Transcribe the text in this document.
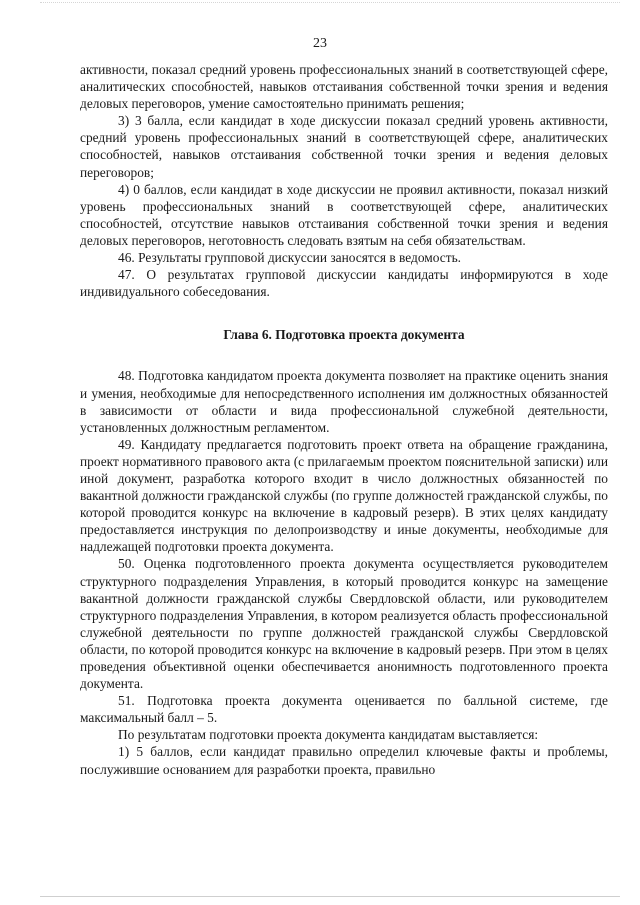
23

активности, показал средний уровень профессиональных знаний в соответствующей сфере, аналитических способностей, навыков отстаивания собственной точки зрения и ведения деловых переговоров, умение самостоятельно принимать решения;

3) 3 балла, если кандидат в ходе дискуссии показал средний уровень активности, средний уровень профессиональных знаний в соответствующей сфере, аналитических способностей, навыков отстаивания собственной точки зрения и ведения деловых переговоров;

4) 0 баллов, если кандидат в ходе дискуссии не проявил активности, показал низкий уровень профессиональных знаний в соответствующей сфере, аналитических способностей, отсутствие навыков отстаивания собственной точки зрения и ведения деловых переговоров, неготовность следовать взятым на себя обязательствам.

46. Результаты групповой дискуссии заносятся в ведомость.

47. О результатах групповой дискуссии кандидаты информируются в ходе индивидуального собеседования.

Глава 6. Подготовка проекта документа

48. Подготовка кандидатом проекта документа позволяет на практике оценить знания и умения, необходимые для непосредственного исполнения им должностных обязанностей в зависимости от области и вида профессиональной служебной деятельности, установленных должностным регламентом.

49. Кандидату предлагается подготовить проект ответа на обращение гражданина, проект нормативного правового акта (с прилагаемым проектом пояснительной записки) или иной документ, разработка которого входит в число должностных обязанностей по вакантной должности гражданской службы (по группе должностей гражданской службы, по которой проводится конкурс на включение в кадровый резерв). В этих целях кандидату предоставляется инструкция по делопроизводству и иные документы, необходимые для надлежащей подготовки проекта документа.

50. Оценка подготовленного проекта документа осуществляется руководителем структурного подразделения Управления, в который проводится конкурс на замещение вакантной должности гражданской службы Свердловской области, или руководителем структурного подразделения Управления, в котором реализуется область профессиональной служебной деятельности по группе должностей гражданской службы Свердловской области, по которой проводится конкурс на включение в кадровый резерв. При этом в целях проведения объективной оценки обеспечивается анонимность подготовленного проекта документа.

51. Подготовка проекта документа оценивается по балльной системе, где максимальный балл – 5.

По результатам подготовки проекта документа кандидатам выставляется:

1) 5 баллов, если кандидат правильно определил ключевые факты и проблемы, послужившие основанием для разработки проекта, правильно
